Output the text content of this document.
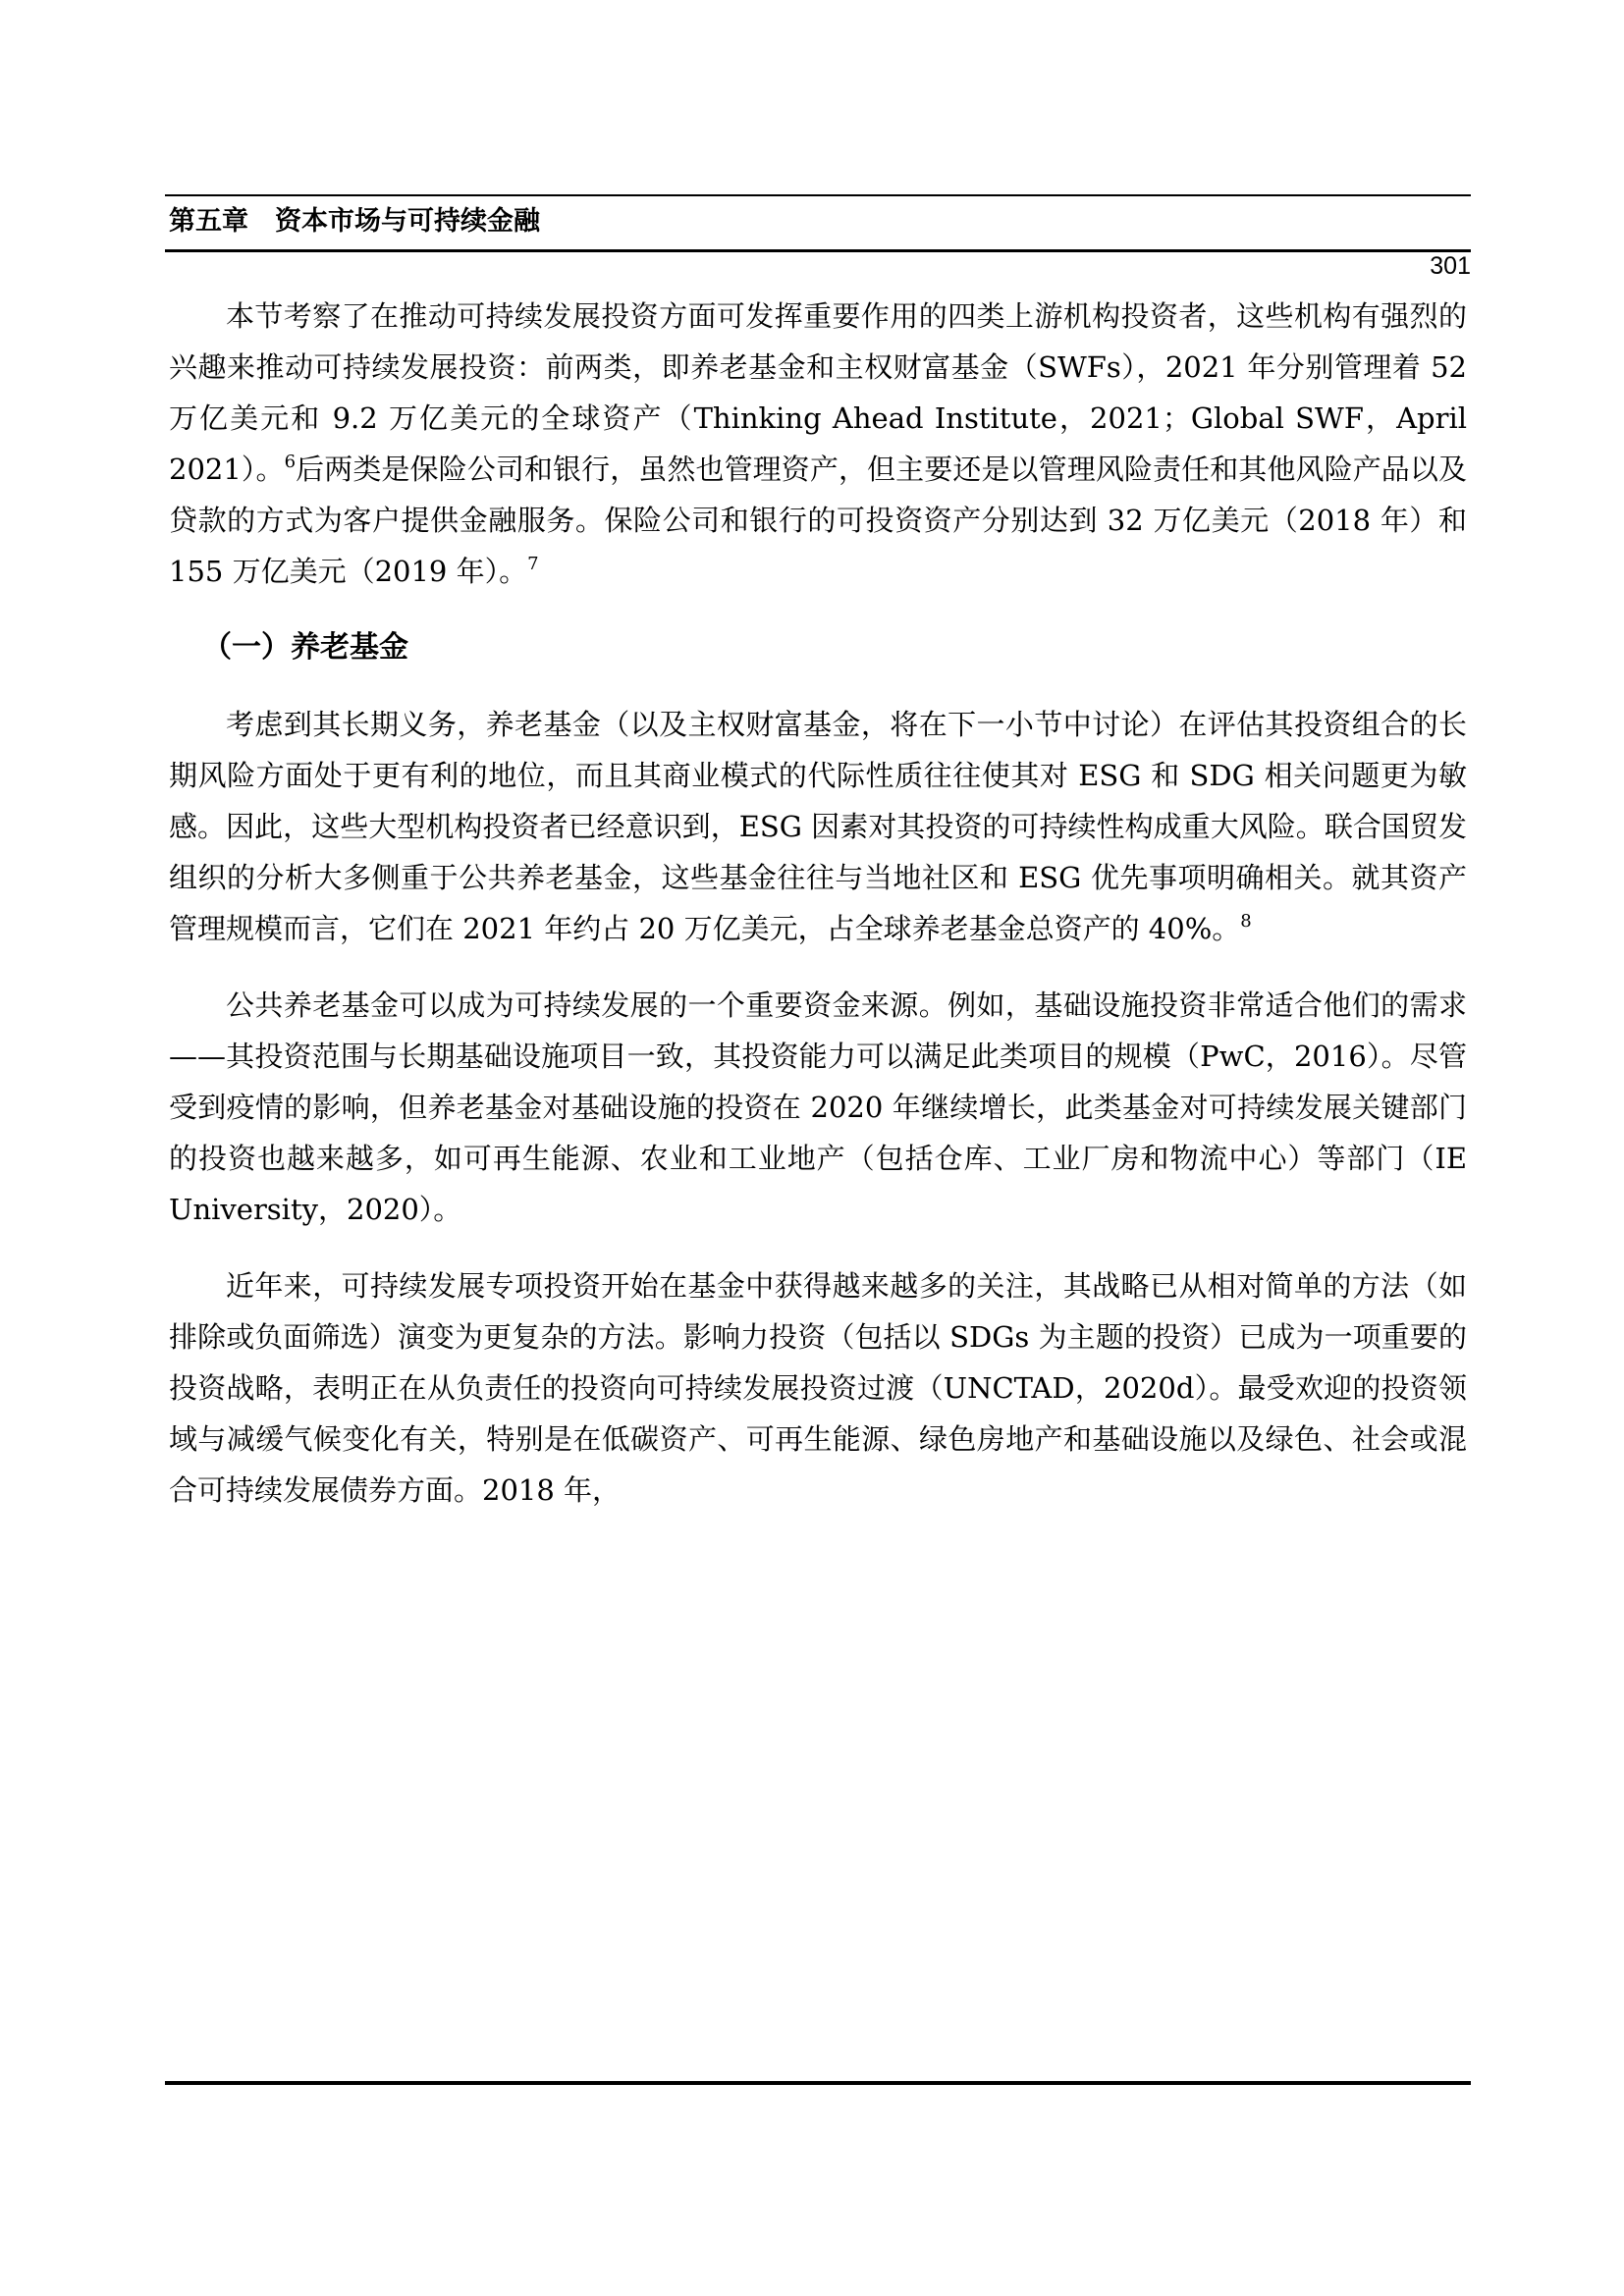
第五章　资本市场与可持续金融
301

本节考察了在推动可持续发展投资方面可发挥重要作用的四类上游机构投资者，这些机构有强烈的兴趣来推动可持续发展投资：前两类，即养老基金和主权财富基金（SWFs），2021 年分别管理着 52 万亿美元和 9.2 万亿美元的全球资产（Thinking Ahead Institute，2021；Global SWF，April 2021）。$^6$后两类是保险公司和银行，虽然也管理资产，但主要还是以管理风险责任和其他风险产品以及贷款的方式为客户提供金融服务。保险公司和银行的可投资资产分别达到 32 万亿美元（2018 年）和 155 万亿美元（2019 年）。$^7$

（一）养老基金

考虑到其长期义务，养老基金（以及主权财富基金，将在下一小节中讨论）在评估其投资组合的长期风险方面处于更有利的地位，而且其商业模式的代际性质往往使其对 ESG 和 SDG 相关问题更为敏感。因此，这些大型机构投资者已经意识到，ESG 因素对其投资的可持续性构成重大风险。联合国贸发组织的分析大多侧重于公共养老基金，这些基金往往与当地社区和 ESG 优先事项明确相关。就其资产管理规模而言，它们在 2021 年约占 20 万亿美元，占全球养老基金总资产的 40%。$^8$

公共养老基金可以成为可持续发展的一个重要资金来源。例如，基础设施投资非常适合他们的需求——其投资范围与长期基础设施项目一致，其投资能力可以满足此类项目的规模（PwC，2016）。尽管受到疫情的影响，但养老基金对基础设施的投资在 2020 年继续增长，此类基金对可持续发展关键部门的投资也越来越多，如可再生能源、农业和工业地产（包括仓库、工业厂房和物流中心）等部门（IE University，2020）。

近年来，可持续发展专项投资开始在基金中获得越来越多的关注，其战略已从相对简单的方法（如排除或负面筛选）演变为更复杂的方法。影响力投资（包括以 SDGs 为主题的投资）已成为一项重要的投资战略，表明正在从负责任的投资向可持续发展投资过渡（UNCTAD，2020d）。最受欢迎的投资领域与减缓气候变化有关，特别是在低碳资产、可再生能源、绿色房地产和基础设施以及绿色、社会或混合可持续发展债券方面。2018 年，
